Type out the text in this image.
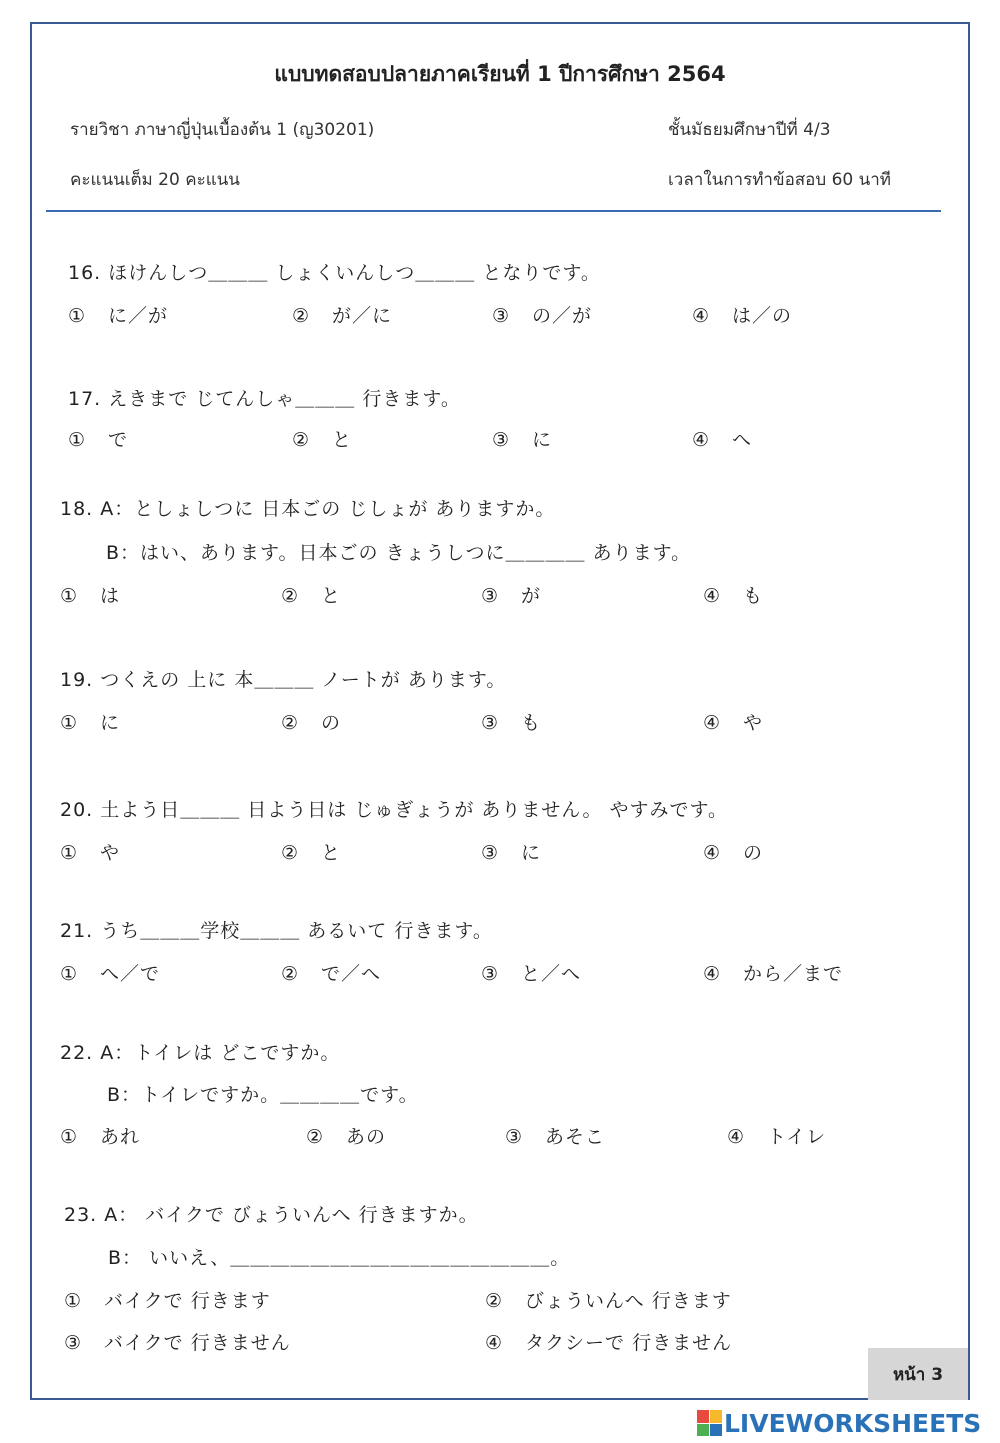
แบบทดสอบปลายภาคเรียนที่ 1 ปีการศึกษา 2564
รายวิชา ภาษาญี่ปุ่นเบื้องต้น 1 (ญ30201)	ชั้นมัธยมศึกษาปีที่ 4/3
คะแนนเต็ม 20 คะแนน	เวลาในการทำข้อสอบ 60 นาที
16. ほけんしつ＿＿＿ しょくいんしつ＿＿＿ となりです。
① に／が	② が／に	③ の／が	④ は／の
17. えきまで じてんしゃ＿＿＿ 行きます。
① で	② と	③ に	④ へ
18. A：としょしつに 日本ごの じしょが ありますか。
B：はい、あります。日本ごの きょうしつに＿＿＿＿ あります。
① は	② と	③ が	④ も
19. つくえの 上に 本＿＿＿ ノートが あります。
① に	② の	③ も	④ や
20. 土よう日＿＿＿ 日よう日は じゅぎょうが ありません。 やすみです。
① や	② と	③ に	④ の
21. うち＿＿＿学校＿＿＿ あるいて 行きます。
① へ／で	② で／へ	③ と／へ	④ から／まで
22. A：トイレは どこですか。
B：トイレですか。＿＿＿＿です。
① あれ	② あの	③ あそこ	④ トイレ
23. A： バイクで びょういんへ 行きますか。
B： いいえ、＿＿＿＿＿＿＿＿＿＿＿＿＿＿＿＿。
① バイクで 行きます	② びょういんへ 行きます
③ バイクで 行きません	④ タクシーで 行きません
หน้า 3
LIVEWORKSHEETS
